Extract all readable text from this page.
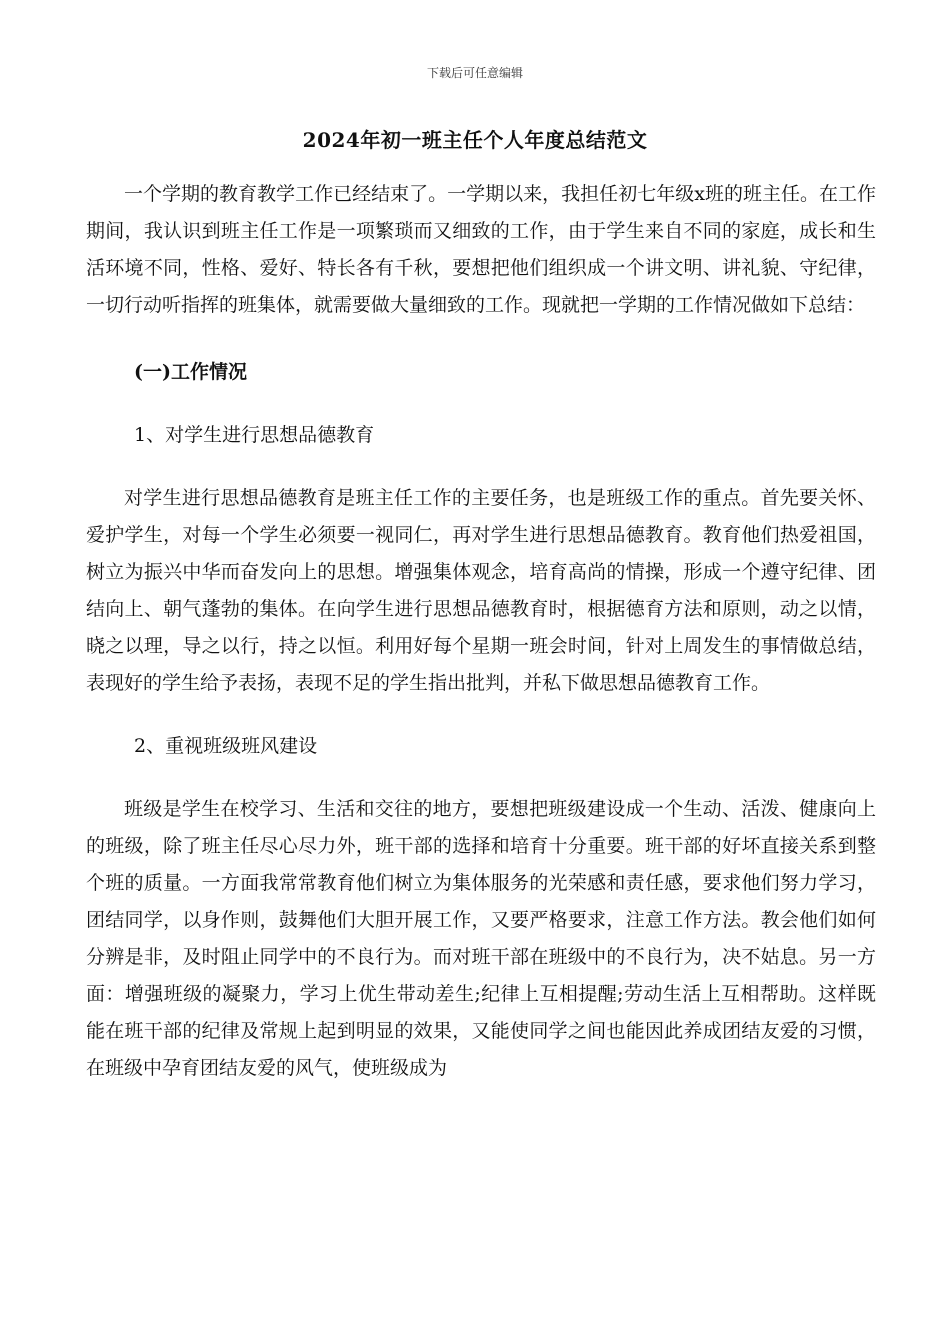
下载后可任意编辑
2024年初一班主任个人年度总结范文

一个学期的教育教学工作已经结束了。一学期以来，我担任初七年级x班的班主任。在工作期间，我认识到班主任工作是一项繁琐而又细致的工作，由于学生来自不同的家庭，成长和生活环境不同，性格、爱好、特长各有千秋，要想把他们组织成一个讲文明、讲礼貌、守纪律，一切行动听指挥的班集体，就需要做大量细致的工作。现就把一学期的工作情况做如下总结：

(一)工作情况
1、对学生进行思想品德教育

对学生进行思想品德教育是班主任工作的主要任务，也是班级工作的重点。首先要关怀、爱护学生，对每一个学生必须要一视同仁，再对学生进行思想品德教育。教育他们热爱祖国，树立为振兴中华而奋发向上的思想。增强集体观念，培育高尚的情操，形成一个遵守纪律、团结向上、朝气蓬勃的集体。在向学生进行思想品德教育时，根据德育方法和原则，动之以情，晓之以理，导之以行，持之以恒。利用好每个星期一班会时间，针对上周发生的事情做总结，表现好的学生给予表扬，表现不足的学生指出批判，并私下做思想品德教育工作。

2、重视班级班风建设

班级是学生在校学习、生活和交往的地方，要想把班级建设成一个生动、活泼、健康向上的班级，除了班主任尽心尽力外，班干部的选择和培育十分重要。班干部的好坏直接关系到整个班的质量。一方面我常常教育他们树立为集体服务的光荣感和责任感，要求他们努力学习，团结同学，以身作则，鼓舞他们大胆开展工作，又要严格要求，注意工作方法。教会他们如何分辨是非，及时阻止同学中的不良行为。而对班干部在班级中的不良行为，决不姑息。另一方面：增强班级的凝聚力，学习上优生带动差生;纪律上互相提醒;劳动生活上互相帮助。这样既能在班干部的纪律及常规上起到明显的效果，又能使同学之间也能因此养成团结友爱的习惯，在班级中孕育团结友爱的风气，使班级成为
